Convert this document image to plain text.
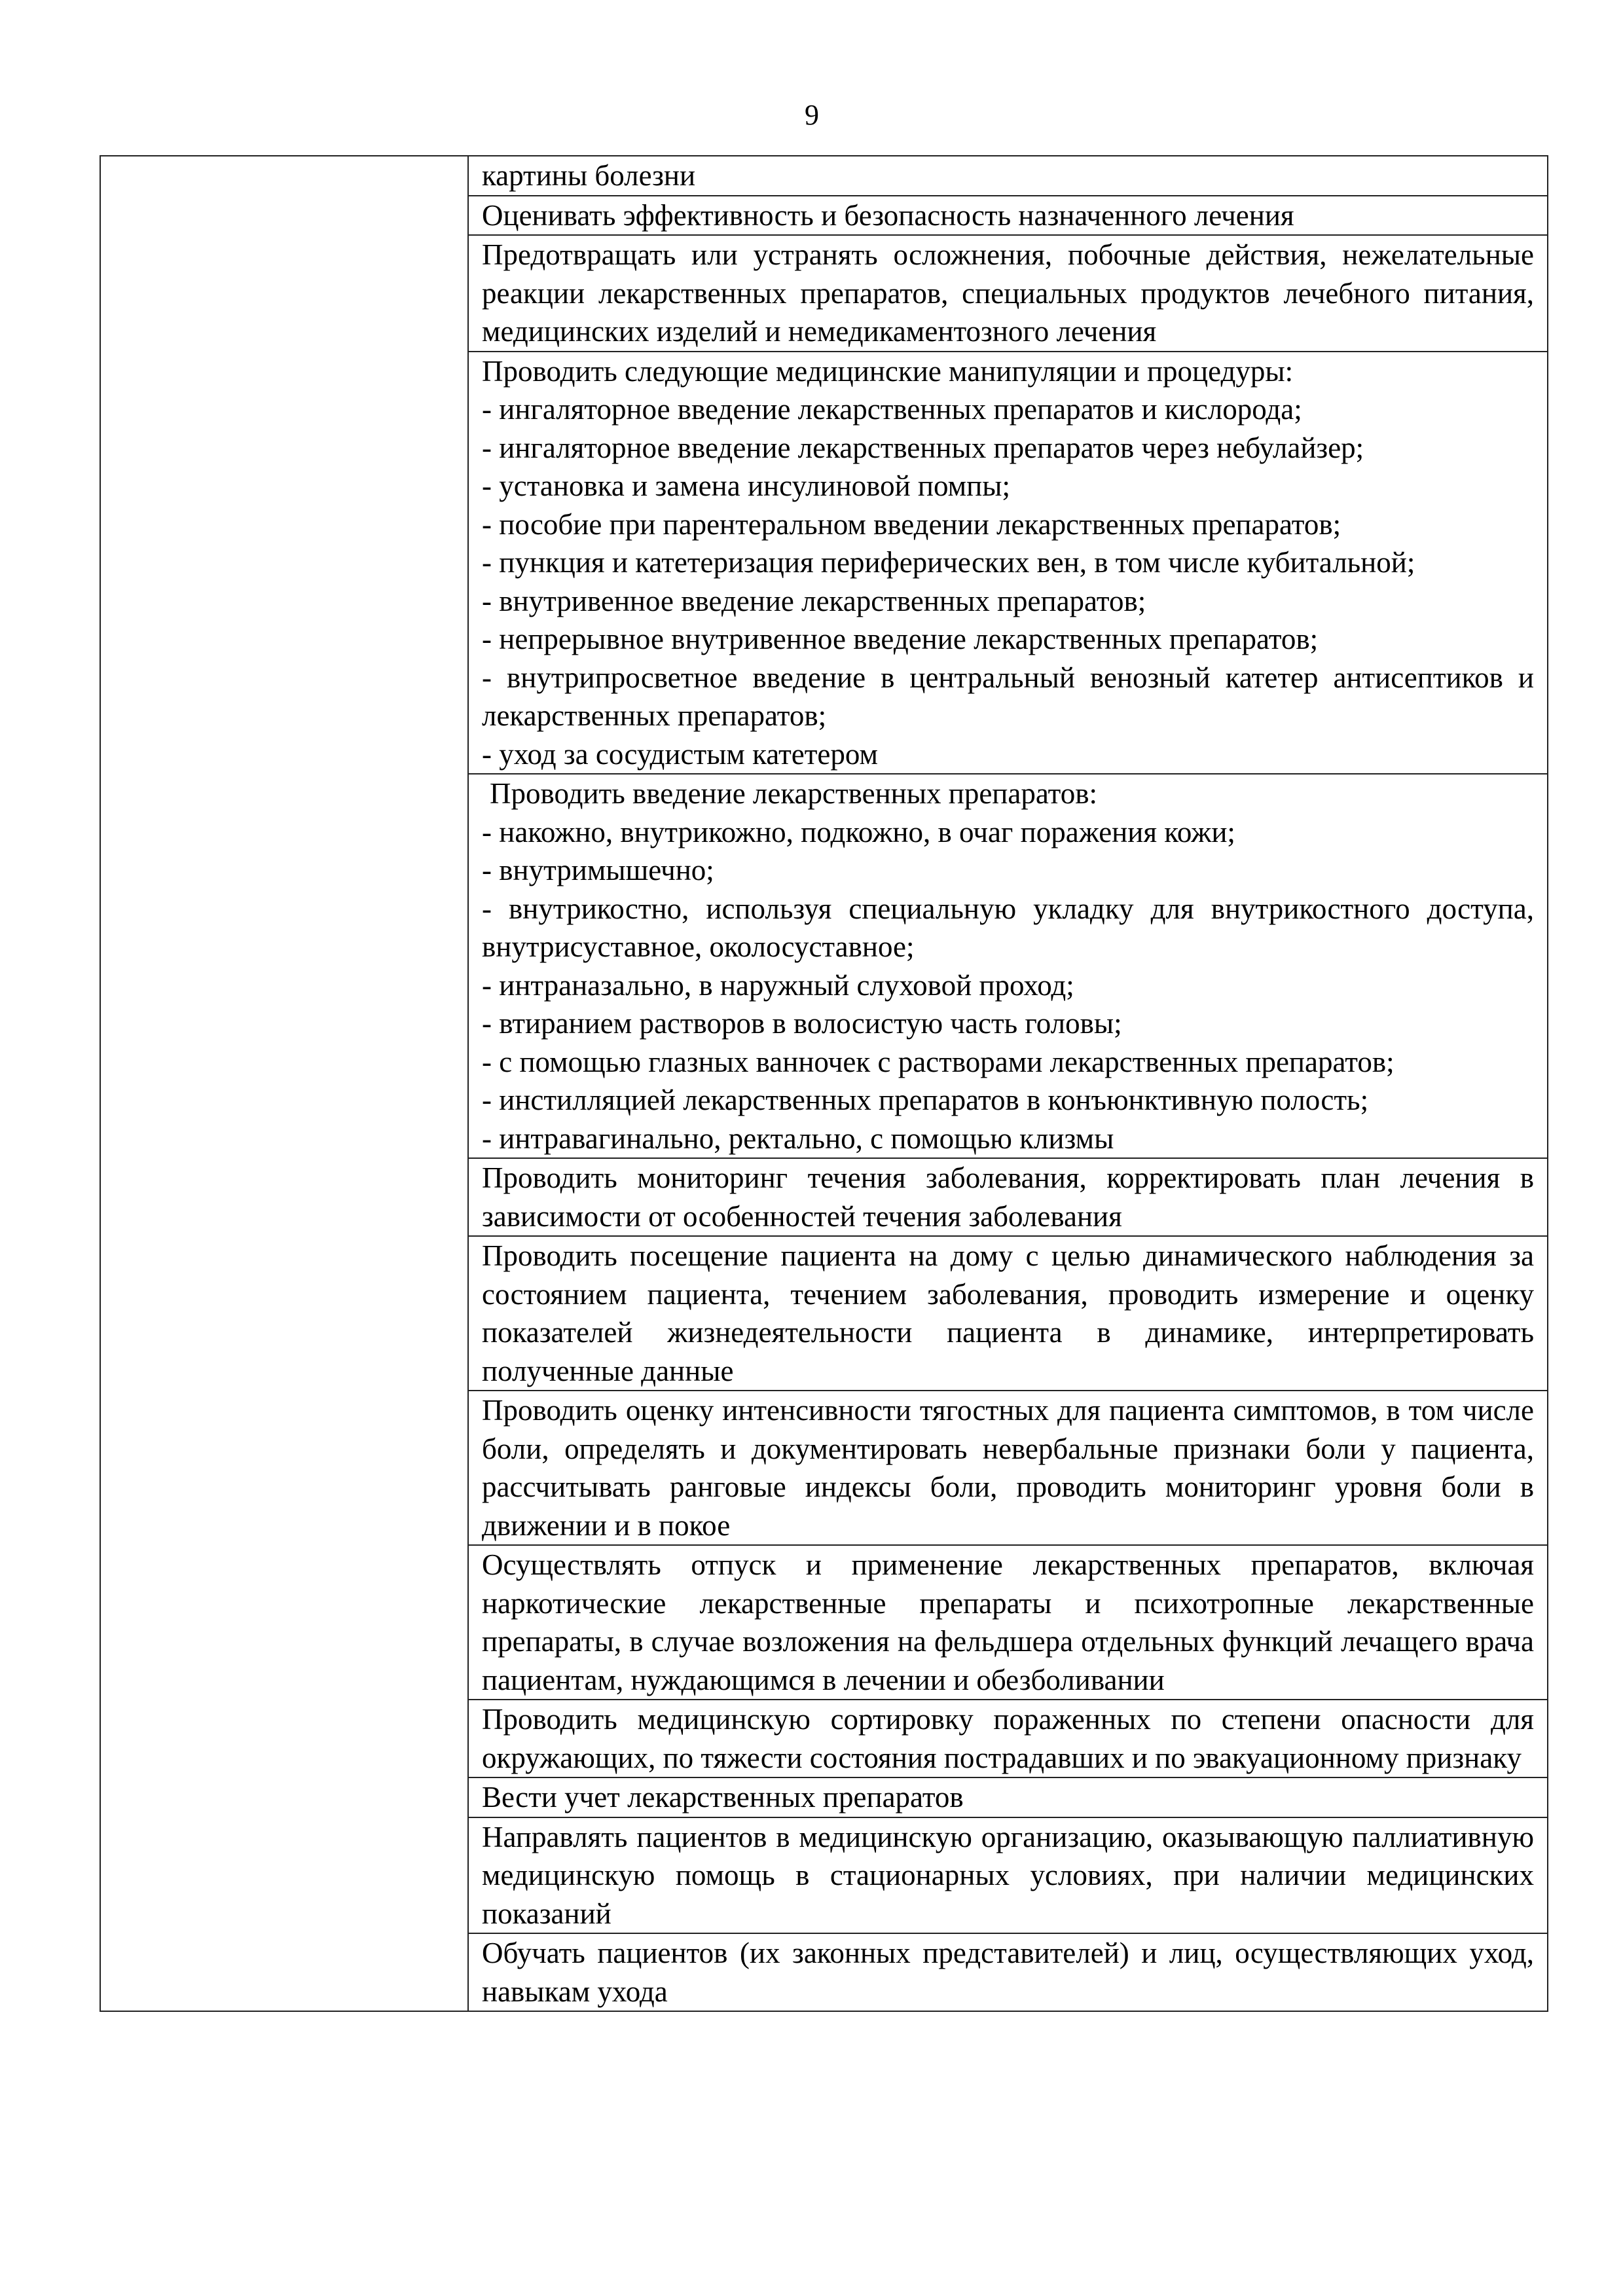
9

картины болезни

Оценивать эффективность и безопасность назначенного лечения

Предотвращать или устранять осложнения, побочные действия, нежелательные реакции лекарственных препаратов, специальных продуктов лечебного питания, медицинских изделий и немедикаментозного лечения

Проводить следующие медицинские манипуляции и процедуры:
- ингаляторное введение лекарственных препаратов и кислорода;
- ингаляторное введение лекарственных препаратов через небулайзер;
- установка и замена инсулиновой помпы;
- пособие при парентеральном введении лекарственных препаратов;
- пункция и катетеризация периферических вен, в том числе кубитальной;
- внутривенное введение лекарственных препаратов;
- непрерывное внутривенное введение лекарственных препаратов;
- внутрипросветное введение в центральный венозный катетер антисептиков и лекарственных препаратов;
- уход за сосудистым катетером

Проводить введение лекарственных препаратов:
- накожно, внутрикожно, подкожно, в очаг поражения кожи;
- внутримышечно;
- внутрикостно, используя специальную укладку для внутрикостного доступа, внутрисуставное, околосуставное;
- интраназально, в наружный слуховой проход;
- втиранием растворов в волосистую часть головы;
- с помощью глазных ванночек с растворами лекарственных препаратов;
- инстилляцией лекарственных препаратов в конъюнктивную полость;
- интравагинально, ректально, с помощью клизмы

Проводить мониторинг течения заболевания, корректировать план лечения в зависимости от особенностей течения заболевания

Проводить посещение пациента на дому с целью динамического наблюдения за состоянием пациента, течением заболевания, проводить измерение и оценку показателей жизнедеятельности пациента в динамике, интерпретировать полученные данные

Проводить оценку интенсивности тягостных для пациента симптомов, в том числе боли, определять и документировать невербальные признаки боли у пациента, рассчитывать ранговые индексы боли, проводить мониторинг уровня боли в движении и в покое

Осуществлять отпуск и применение лекарственных препаратов, включая наркотические лекарственные препараты и психотропные лекарственные препараты, в случае возложения на фельдшера отдельных функций лечащего врача пациентам, нуждающимся в лечении и обезболивании

Проводить медицинскую сортировку пораженных по степени опасности для окружающих, по тяжести состояния пострадавших и по эвакуационному признаку

Вести учет лекарственных препаратов

Направлять пациентов в медицинскую организацию, оказывающую паллиативную медицинскую помощь в стационарных условиях, при наличии медицинских показаний

Обучать пациентов (их законных представителей) и лиц, осуществляющих уход, навыкам ухода
